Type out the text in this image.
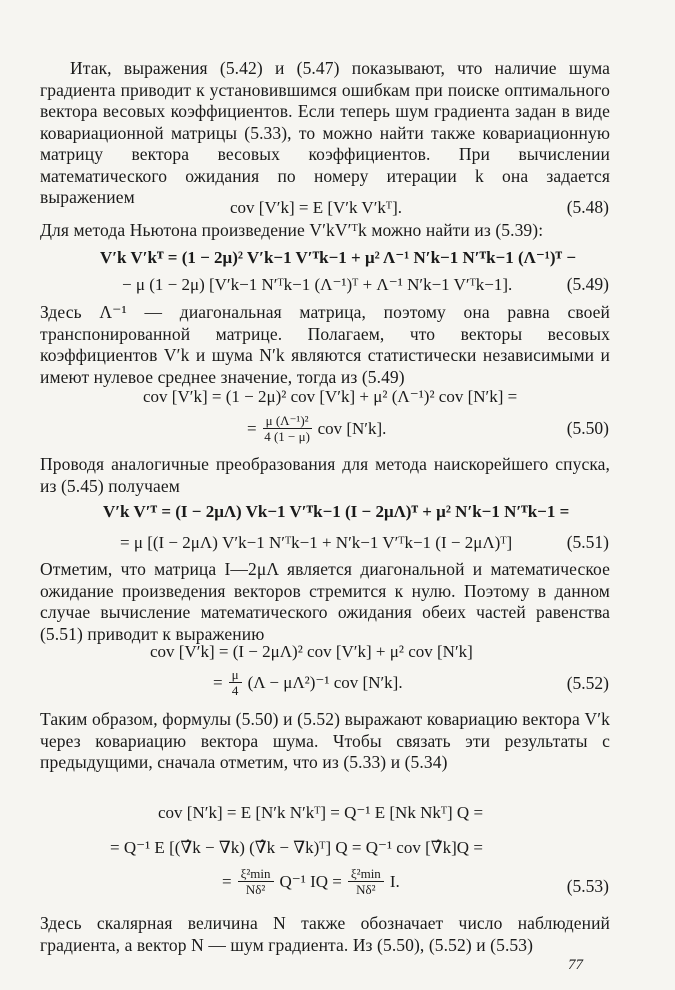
Итак, выражения (5.42) и (5.47) показывают, что наличие шума градиента приводит к установившимся ошибкам при поиске оптимального вектора весовых коэффициентов. Если теперь шум градиента задан в виде ковариационной матрицы (5.33), то можно найти также ковариационную матрицу вектора весовых коэффициентов. При вычислении математического ожидания по номеру итерации k она задается выражением
cov [V′k] = E [V′k V′kᵀ].	(5.48)
Для метода Ньютона произведение V′kV′ᵀk можно найти из (5.39):
V′k V′kᵀ = (1 − 2μ)² V′k−1 V′ᵀk−1 + μ² Λ⁻¹ N′k−1 N′ᵀk−1 (Λ⁻¹)ᵀ −
− μ (1 − 2μ) [V′k−1 N′ᵀk−1 (Λ⁻¹)ᵀ + Λ⁻¹ N′k−1 V′ᵀk−1].	(5.49)
Здесь Λ⁻¹ — диагональная матрица, поэтому она равна своей транспонированной матрице. Полагаем, что векторы весовых коэффициентов V′k и шума N′k являются статистически независимыми и имеют нулевое среднее значение, тогда из (5.49)
cov [V′k] = (1 − 2μ)² cov [V′k] + μ² (Λ⁻¹)² cov [N′k] =
= $\frac{\text{μ (Λ⁻¹)²}}{4 (1 - \mu)}$ cov [N′k].	(5.50)
Проводя аналогичные преобразования для метода наискорейшего спуска, из (5.45) получаем
V′k V′ᵀ = (I − 2μΛ) Vk−1 V′ᵀk−1 (I − 2μΛ)ᵀ + μ² N′k−1 N′ᵀk−1 =
= μ [(I − 2μΛ) V′k−1 N′ᵀk−1 + N′k−1 V′ᵀk−1 (I − 2μΛ)ᵀ]	(5.51)
Отметим, что матрица I—2μΛ является диагональной и математическое ожидание произведения векторов стремится к нулю. Поэтому в данном случае вычисление математического ожидания обеих частей равенства (5.51) приводит к выражению
cov [V′k] = (I − 2μΛ)² cov [V′k] + μ² cov [N′k]
= $\frac{\mu}{4} (\Lambda - \mu\Lambda^2)^{-1}$ cov [N′k].	(5.52)
Таким образом, формулы (5.50) и (5.52) выражают ковариацию вектора V′k через ковариацию вектора шума. Чтобы связать эти результаты с предыдущими, сначала отметим, что из (5.33) и (5.34)
cov [N′k] = E [N′k N′kᵀ] = Q⁻¹ E [Nk Nkᵀ] Q =
= Q⁻¹ E [(∇̂k − ∇k) (∇̂k − ∇k)ᵀ] Q = Q⁻¹ cov [∇̂k]Q =
= ξ²min
Nδ² Q⁻¹ IQ = ξ²min
Nδ² I.	(5.53)
Здесь скалярная величина N также обозначает число наблюдений градиента, а вектор N — шум градиента. Из (5.50), (5.52) и (5.53)
77
